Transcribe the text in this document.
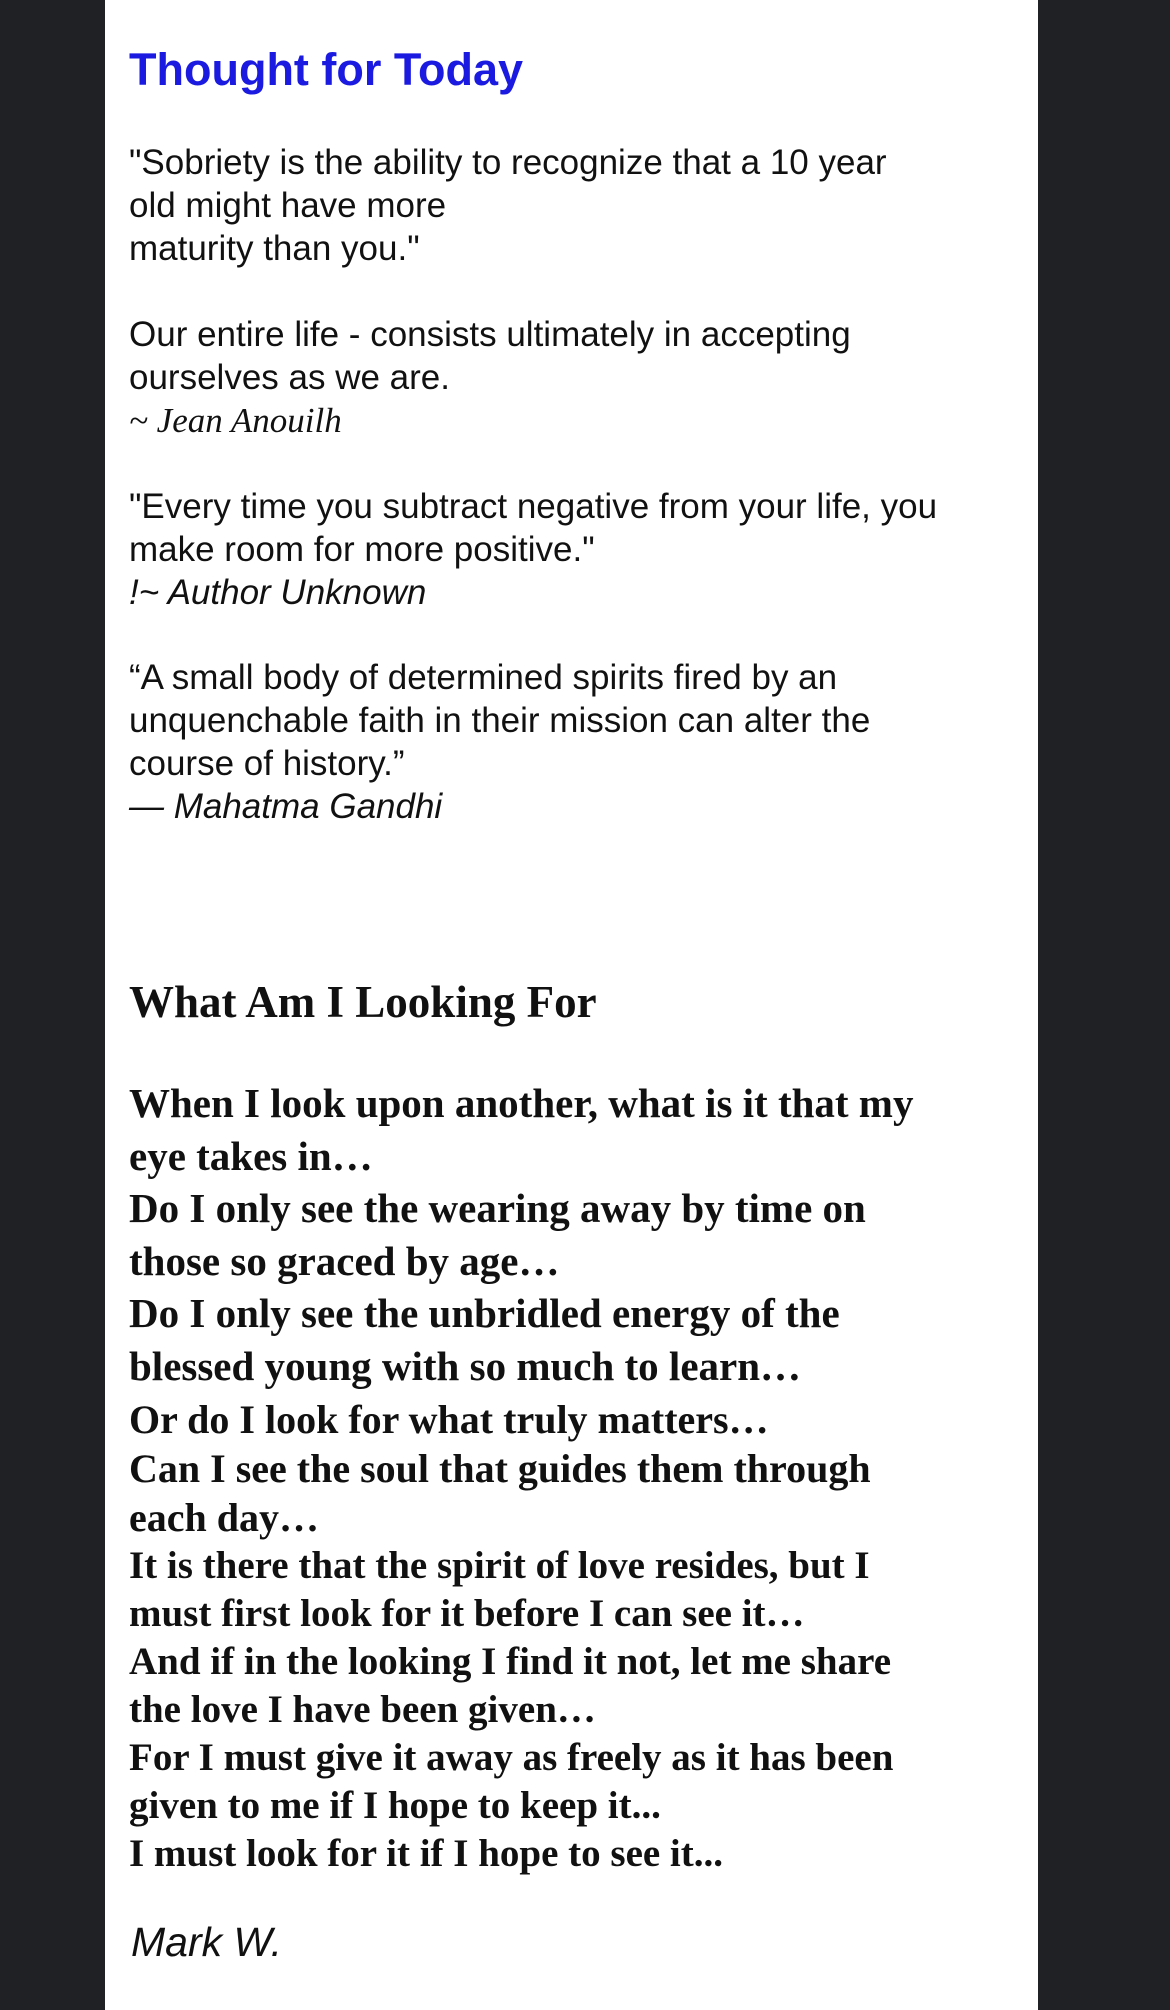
Thought for Today
"Sobriety is the ability to recognize that a 10 year
old might have more
maturity than you."
Our entire life - consists ultimately in accepting
ourselves as we are.
~ Jean Anouilh
"Every time you subtract negative from your life, you
make room for more positive."
!~ Author Unknown
“A small body of determined spirits fired by an
unquenchable faith in their mission can alter the
course of history.”
— Mahatma Gandhi
What Am I Looking For
When I look upon another, what is it that my
eye takes in…
Do I only see the wearing away by time on
those so graced by age…
Do I only see the unbridled energy of the
blessed young with so much to learn…
Or do I look for what truly matters…
Can I see the soul that guides them through
each day…
It is there that the spirit of love resides, but I
must first look for it before I can see it…
And if in the looking I find it not, let me share
the love I have been given…
For I must give it away as freely as it has been
given to me if I hope to keep it...
I must look for it if I hope to see it...

Mark W.
